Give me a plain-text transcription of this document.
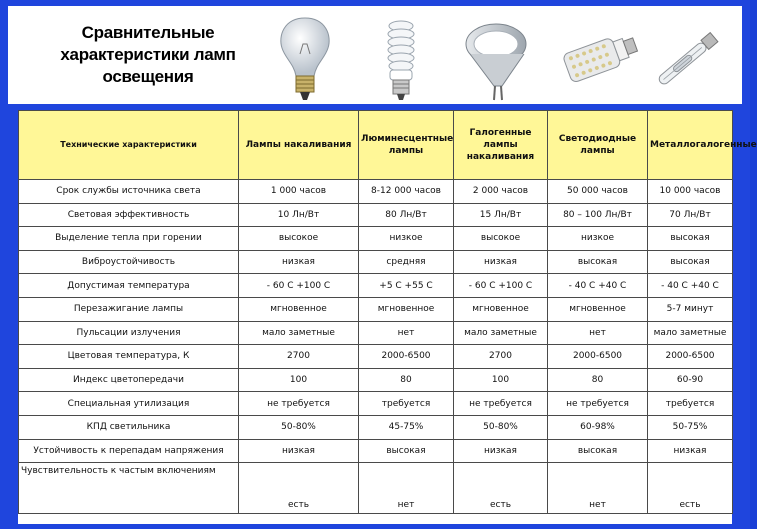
Сравнительные характеристики ламп освещения
Технические характеристики	Лампы накаливания	Люминесцентные лампы	Галогенные лампы накаливания	Светодиодные лампы	Металлогалогенные
Срок службы источника света	1 000 часов	8-12 000 часов	2 000 часов	50 000 часов	10 000 часов
Световая эффективность	10 Лн/Вт	80 Лн/Вт	15 Лн/Вт	80 – 100 Лн/Вт	70 Лн/Вт
Выделение тепла при горении	высокое	низкое	высокое	низкое	высокая
Виброустойчивость	низкая	средняя	низкая	высокая	высокая
Допустимая температура	- 60 С +100 С	+5 С +55 С	- 60 С +100 С	- 40 С +40 С	- 40 С +40 С
Перезажигание лампы	мгновенное	мгновенное	мгновенное	мгновенное	5-7 минут
Пульсации излучения	мало заметные	нет	мало заметные	нет	мало заметные
Цветовая температура, К	2700	2000-6500	2700	2000-6500	2000-6500
Индекс цветопередачи	100	80	100	80	60-90
Специальная утилизация	не требуется	требуется	не требуется	не требуется	требуется
КПД светильника	50-80%	45-75%	50-80%	60-98%	50-75%
Устойчивость к перепадам напряжения	низкая	высокая	низкая	высокая	низкая
Чувствительность к частым включениям	есть	нет	есть	нет	есть
